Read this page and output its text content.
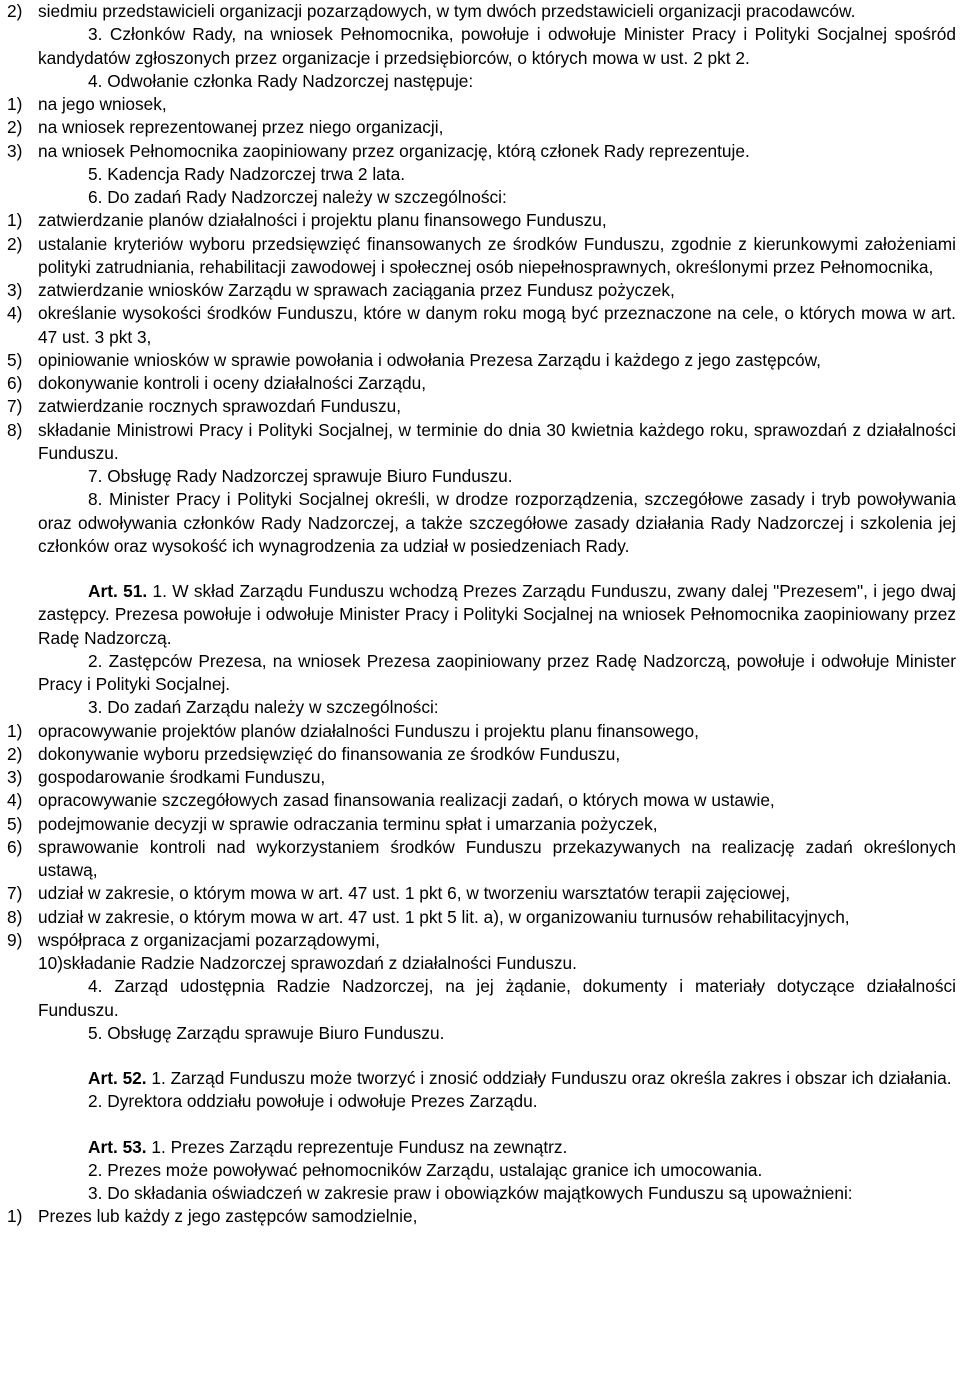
2) siedmiu przedstawicieli organizacji pozarządowych, w tym dwóch przedstawicieli organizacji pracodawców.
3. Członków Rady, na wniosek Pełnomocnika, powołuje i odwołuje Minister Pracy i Polityki Socjalnej spośród kandydatów zgłoszonych przez organizacje i przedsiębiorców, o których mowa w ust. 2 pkt 2.
4. Odwołanie członka Rady Nadzorczej następuje:
1) na jego wniosek,
2) na wniosek reprezentowanej przez niego organizacji,
3) na wniosek Pełnomocnika zaopiniowany przez organizację, którą członek Rady reprezentuje.
5. Kadencja Rady Nadzorczej trwa 2 lata.
6. Do zadań Rady Nadzorczej należy w szczególności:
1) zatwierdzanie planów działalności i projektu planu finansowego Funduszu,
2) ustalanie kryteriów wyboru przedsięwzięć finansowanych ze środków Funduszu, zgodnie z kierunkowymi założeniami polityki zatrudniania, rehabilitacji zawodowej i społecznej osób niepełnosprawnych, określonymi przez Pełnomocnika,
3) zatwierdzanie wniosków Zarządu w sprawach zaciągania przez Fundusz pożyczek,
4) określanie wysokości środków Funduszu, które w danym roku mogą być przeznaczone na cele, o których mowa w art. 47 ust. 3 pkt 3,
5) opiniowanie wniosków w sprawie powołania i odwołania Prezesa Zarządu i każdego z jego zastępców,
6) dokonywanie kontroli i oceny działalności Zarządu,
7) zatwierdzanie rocznych sprawozdań Funduszu,
8) składanie Ministrowi Pracy i Polityki Socjalnej, w terminie do dnia 30 kwietnia każdego roku, sprawozdań z działalności Funduszu.
7. Obsługę Rady Nadzorczej sprawuje Biuro Funduszu.
8. Minister Pracy i Polityki Socjalnej określi, w drodze rozporządzenia, szczegółowe zasady i tryb powoływania oraz odwoływania członków Rady Nadzorczej, a także szczegółowe zasady działania Rady Nadzorczej i szkolenia jej członków oraz wysokość ich wynagrodzenia za udział w posiedzeniach Rady.
Art. 51. 1. W skład Zarządu Funduszu wchodzą Prezes Zarządu Funduszu, zwany dalej "Prezesem", i jego dwaj zastępcy. Prezesa powołuje i odwołuje Minister Pracy i Polityki Socjalnej na wniosek Pełnomocnika zaopiniowany przez Radę Nadzorczą.
2. Zastępców Prezesa, na wniosek Prezesa zaopiniowany przez Radę Nadzorczą, powołuje i odwołuje Minister Pracy i Polityki Socjalnej.
3. Do zadań Zarządu należy w szczególności:
1) opracowywanie projektów planów działalności Funduszu i projektu planu finansowego,
2) dokonywanie wyboru przedsięwzięć do finansowania ze środków Funduszu,
3) gospodarowanie środkami Funduszu,
4) opracowywanie szczegółowych zasad finansowania realizacji zadań, o których mowa w ustawie,
5) podejmowanie decyzji w sprawie odraczania terminu spłat i umarzania pożyczek,
6) sprawowanie kontroli nad wykorzystaniem środków Funduszu przekazywanych na realizację zadań określonych ustawą,
7) udział w zakresie, o którym mowa w art. 47 ust. 1 pkt 6, w tworzeniu warsztatów terapii zajęciowej,
8) udział w zakresie, o którym mowa w art. 47 ust. 1 pkt 5 lit. a), w organizowaniu turnusów rehabilitacyjnych,
9) współpraca z organizacjami pozarządowymi,
10)składanie Radzie Nadzorczej sprawozdań z działalności Funduszu.
4. Zarząd udostępnia Radzie Nadzorczej, na jej żądanie, dokumenty i materiały dotyczące działalności Funduszu.
5. Obsługę Zarządu sprawuje Biuro Funduszu.
Art. 52. 1. Zarząd Funduszu może tworzyć i znosić oddziały Funduszu oraz określa zakres i obszar ich działania.
2. Dyrektora oddziału powołuje i odwołuje Prezes Zarządu.
Art. 53. 1. Prezes Zarządu reprezentuje Fundusz na zewnątrz.
2. Prezes może powoływać pełnomocników Zarządu, ustalając granice ich umocowania.
3. Do składania oświadczeń w zakresie praw i obowiązków majątkowych Funduszu są upoważnieni:
1) Prezes lub każdy z jego zastępców samodzielnie,
